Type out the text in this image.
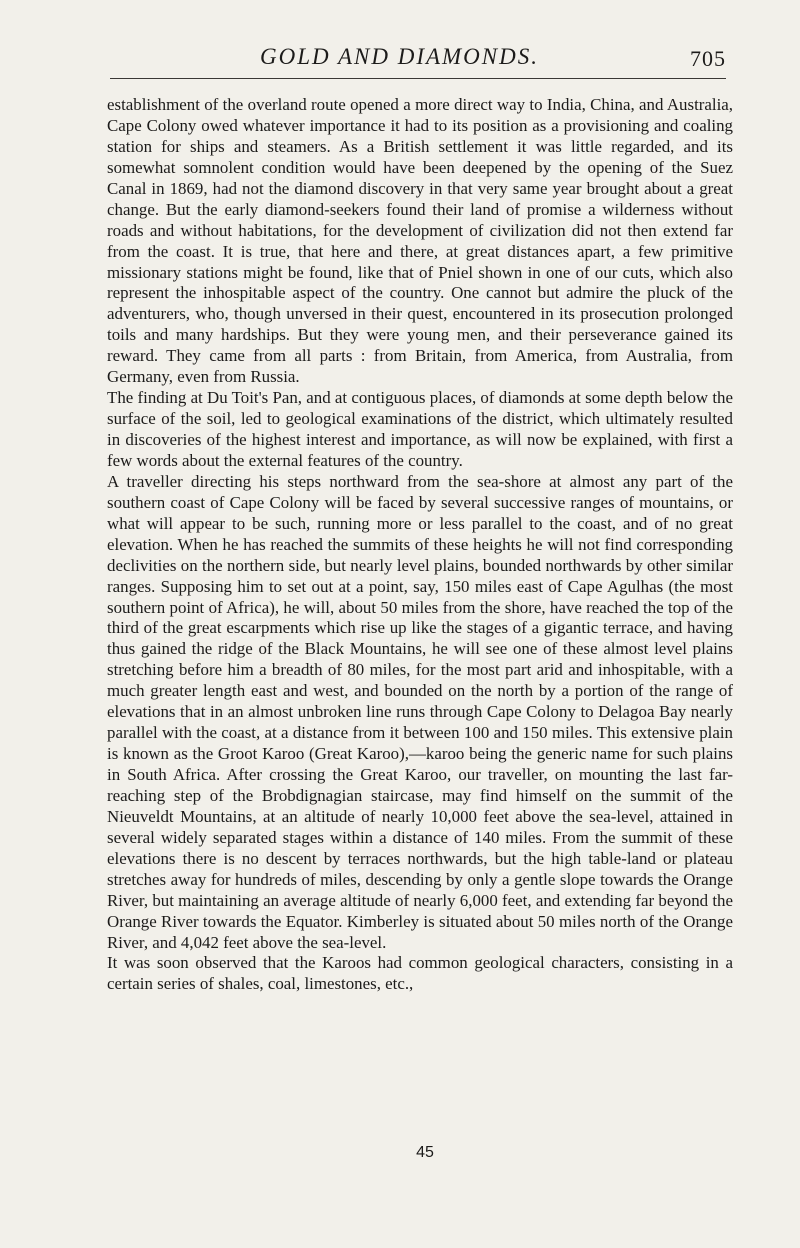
GOLD AND DIAMONDS.	705

establishment of the overland route opened a more direct way to India, China, and Australia, Cape Colony owed whatever importance it had to its position as a provisioning and coaling station for ships and steamers. As a British settlement it was little regarded, and its somewhat somnolent condition would have been deepened by the opening of the Suez Canal in 1869, had not the diamond discovery in that very same year brought about a great change. But the early diamond-seekers found their land of promise a wilderness without roads and without habitations, for the development of civilization did not then extend far from the coast. It is true, that here and there, at great distances apart, a few primitive missionary stations might be found, like that of Pniel shown in one of our cuts, which also represent the inhospitable aspect of the country. One cannot but admire the pluck of the adventurers, who, though unversed in their quest, encountered in its prosecution prolonged toils and many hardships. But they were young men, and their perseverance gained its reward. They came from all parts : from Britain, from America, from Australia, from Germany, even from Russia.

The finding at Du Toit's Pan, and at contiguous places, of diamonds at some depth below the surface of the soil, led to geological examinations of the district, which ultimately resulted in discoveries of the highest interest and importance, as will now be explained, with first a few words about the external features of the country.

A traveller directing his steps northward from the sea-shore at almost any part of the southern coast of Cape Colony will be faced by several successive ranges of mountains, or what will appear to be such, running more or less parallel to the coast, and of no great elevation. When he has reached the summits of these heights he will not find corresponding declivities on the northern side, but nearly level plains, bounded northwards by other similar ranges. Supposing him to set out at a point, say, 150 miles east of Cape Agulhas (the most southern point of Africa), he will, about 50 miles from the shore, have reached the top of the third of the great escarpments which rise up like the stages of a gigantic terrace, and having thus gained the ridge of the Black Mountains, he will see one of these almost level plains stretching before him a breadth of 80 miles, for the most part arid and inhospitable, with a much greater length east and west, and bounded on the north by a portion of the range of elevations that in an almost unbroken line runs through Cape Colony to Delagoa Bay nearly parallel with the coast, at a distance from it between 100 and 150 miles. This extensive plain is known as the Groot Karoo (Great Karoo),—karoo being the generic name for such plains in South Africa. After crossing the Great Karoo, our traveller, on mounting the last far-reaching step of the Brobdignagian staircase, may find himself on the summit of the Nieuveldt Mountains, at an altitude of nearly 10,000 feet above the sea-level, attained in several widely separated stages within a distance of 140 miles. From the summit of these elevations there is no descent by terraces northwards, but the high table-land or plateau stretches away for hundreds of miles, descending by only a gentle slope towards the Orange River, but maintaining an average altitude of nearly 6,000 feet, and extending far beyond the Orange River towards the Equator. Kimberley is situated about 50 miles north of the Orange River, and 4,042 feet above the sea-level.

It was soon observed that the Karoos had common geological characters, consisting in a certain series of shales, coal, limestones, etc.,

45
